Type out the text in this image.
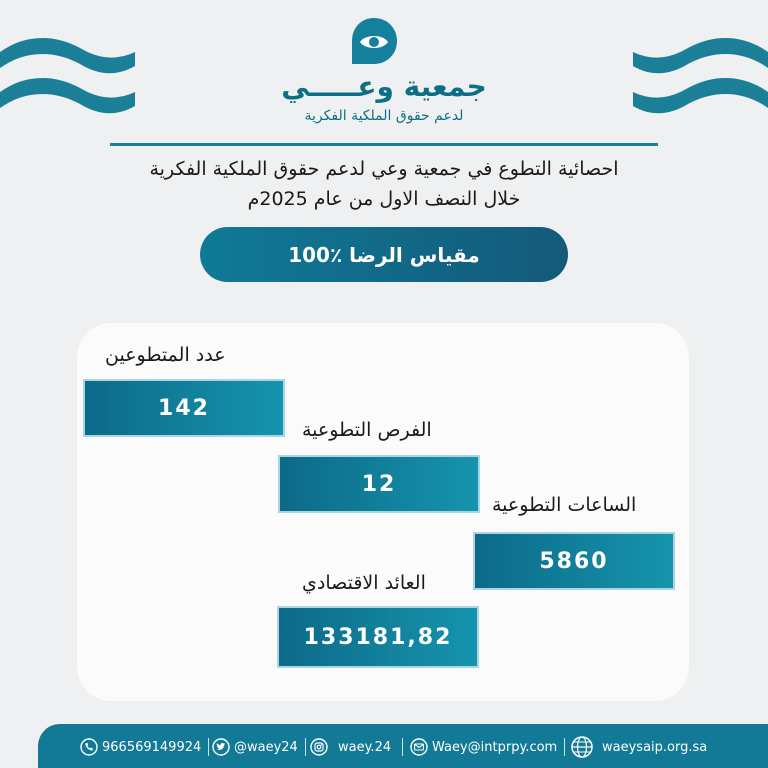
جمعية وعـــــي
لدعم حقوق الملكية الفكرية
احصائية التطوع في جمعية وعي لدعم حقوق الملكية الفكرية
خلال النصف الاول من عام 2025م
مقياس الرضا ٪100
عدد المتطوعين
142
الفرص التطوعية
12
الساعات التطوعية
5860
العائد الاقتصادي
133181,82
966569149924	@waey24	waey.24	Waey@intprpy.com	waeysaip.org.sa
